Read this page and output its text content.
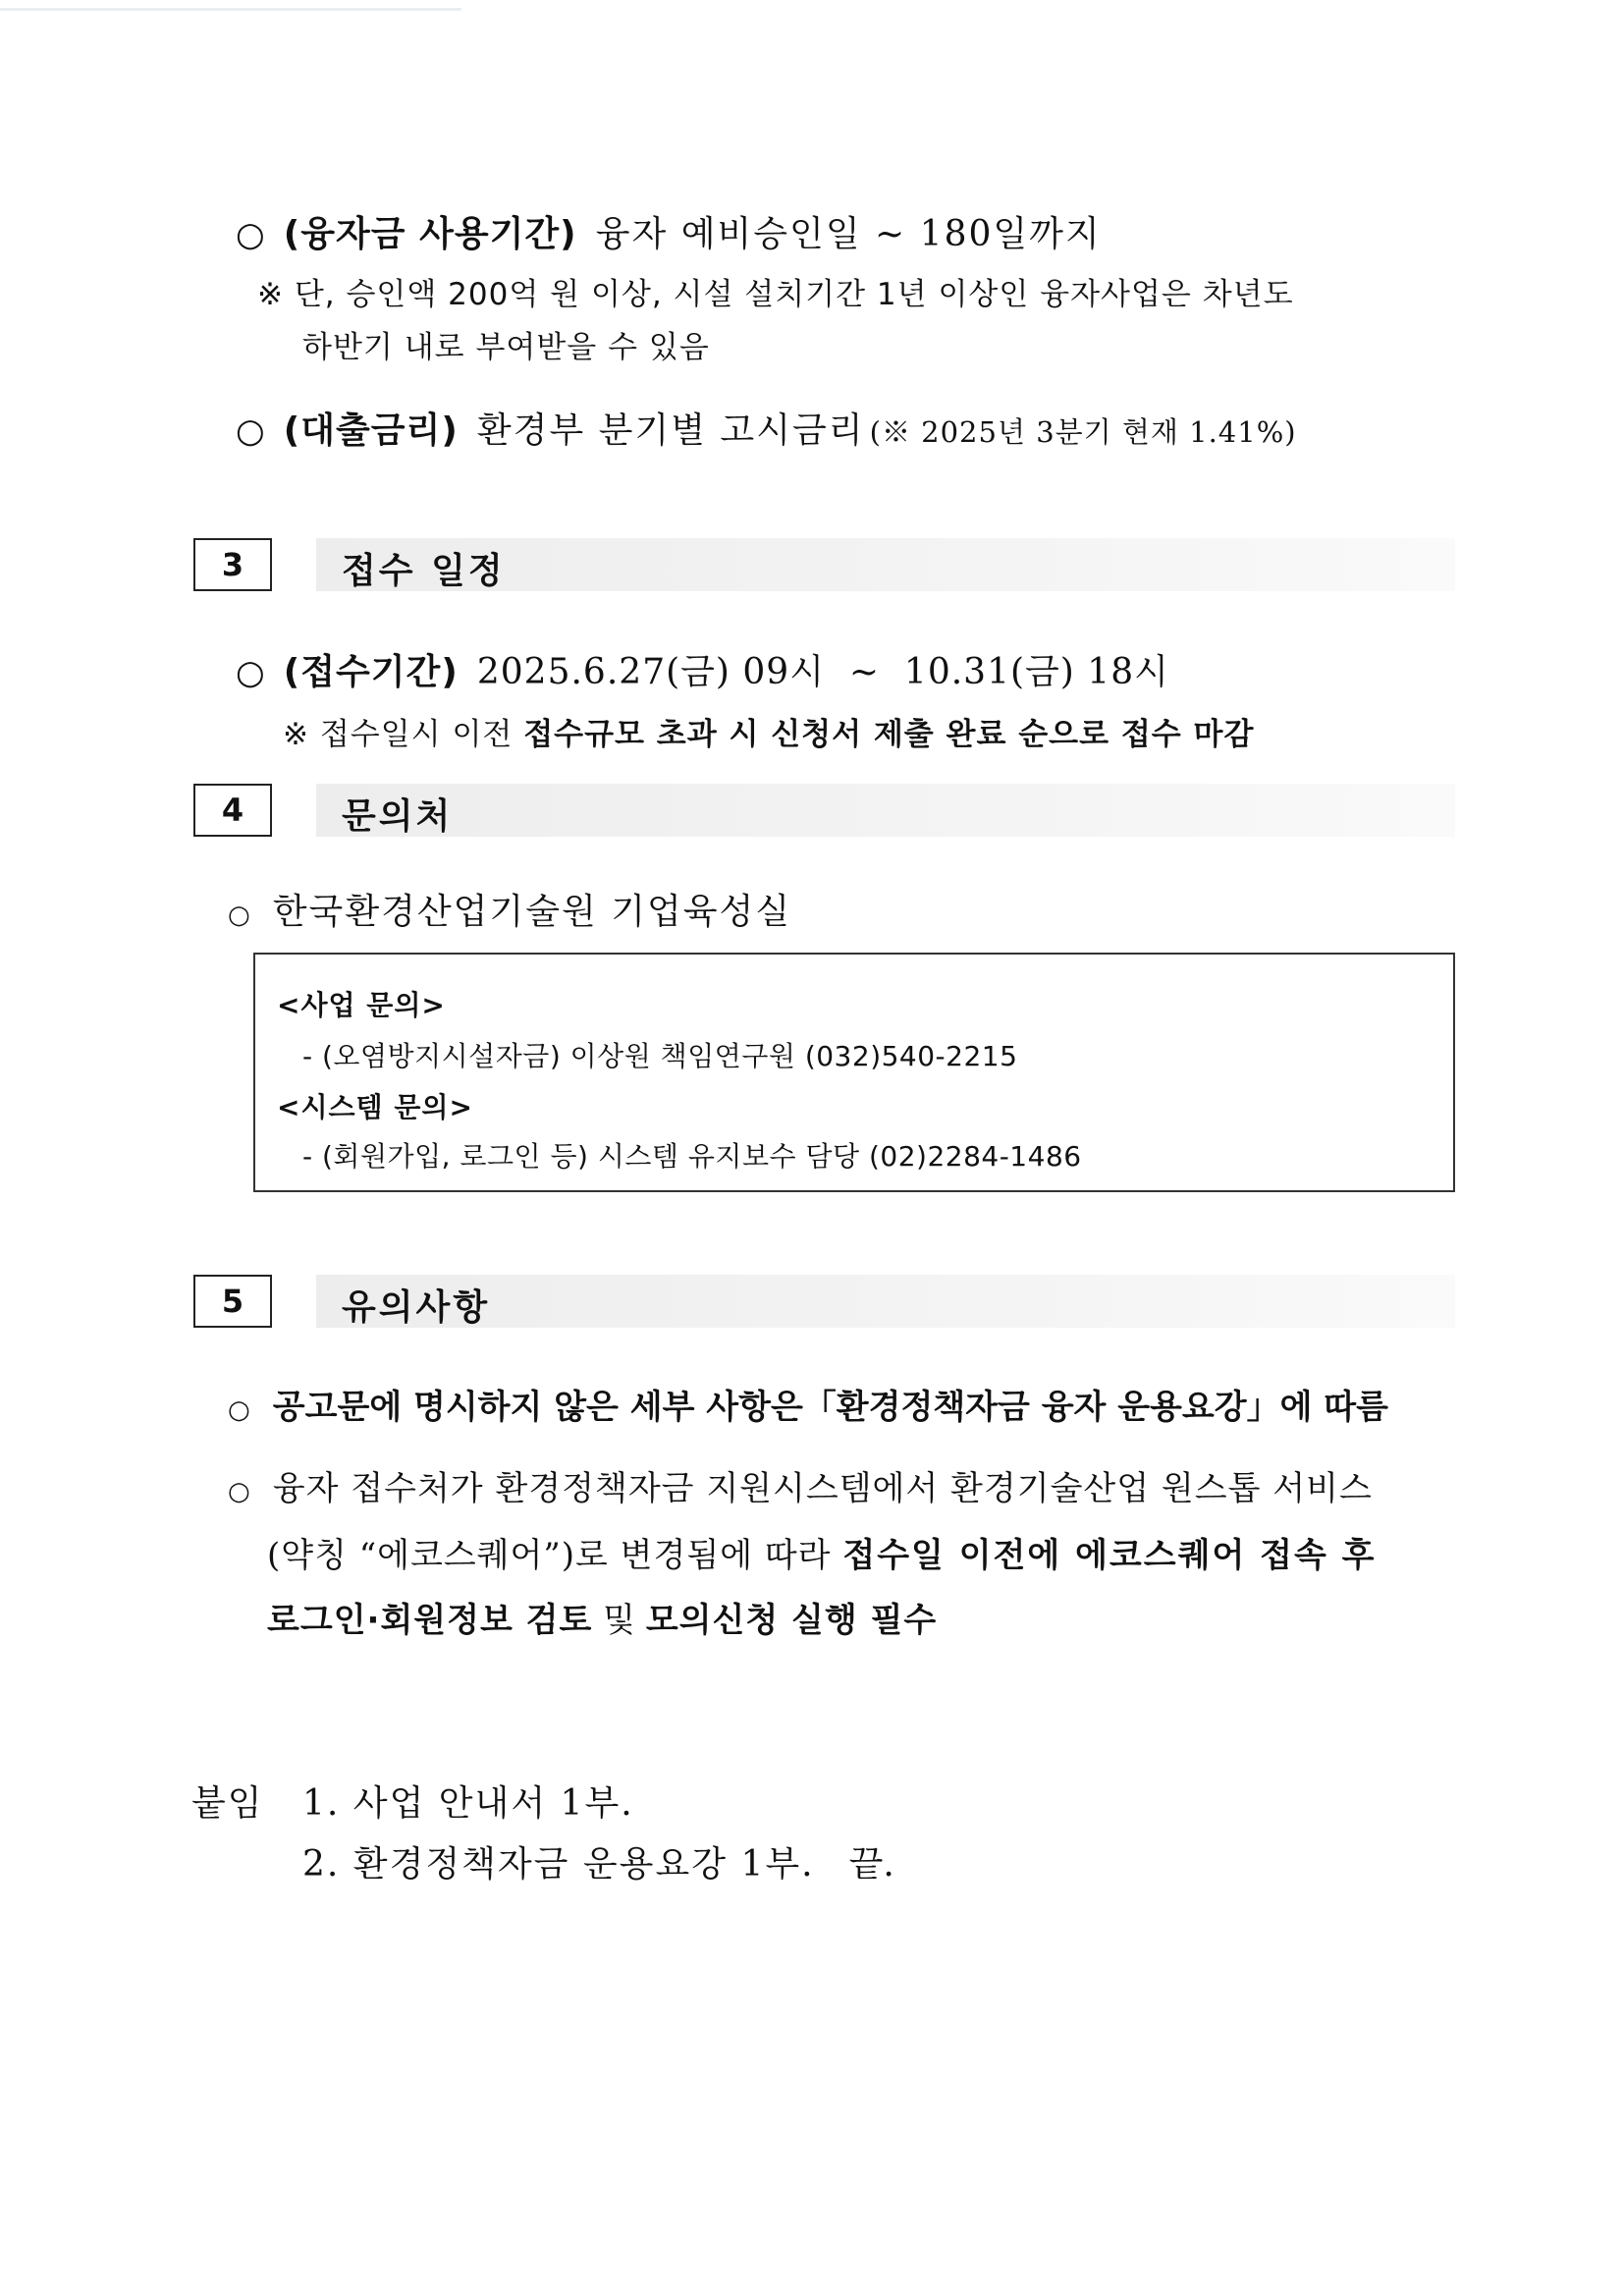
○ (융자금 사용기간) 융자 예비승인일 ~ 180일까지
※ 단, 승인액 200억 원 이상, 시설 설치기간 1년 이상인 융자사업은 차년도
하반기 내로 부여받을 수 있음
○ (대출금리) 환경부 분기별 고시금리 (※ 2025년 3분기 현재 1.41%)
3	접수 일정
○ (접수기간) 2025.6.27(금) 09시  ~  10.31(금) 18시
※ 접수일시 이전 접수규모 초과 시 신청서 제출 완료 순으로 접수 마감
4	문의처
○ 한국환경산업기술원 기업육성실
<사업 문의>
- (오염방지시설자금) 이상원 책임연구원 (032)540-2215
<시스템 문의>
- (회원가입, 로그인 등) 시스템 유지보수 담당 (02)2284-1486
5	유의사항
○ 공고문에 명시하지 않은 세부 사항은「환경정책자금 융자 운용요강」에 따름
○ 융자 접수처가 환경정책자금 지원시스템에서 환경기술산업 원스톱 서비스
(약칭 “에코스퀘어”)로 변경됨에 따라 접수일 이전에 에코스퀘어 접속 후
로그인·회원정보 검토 및 모의신청 실행 필수
붙임 1. 사업 안내서 1부.
2. 환경정책자금 운용요강 1부. 끝.
